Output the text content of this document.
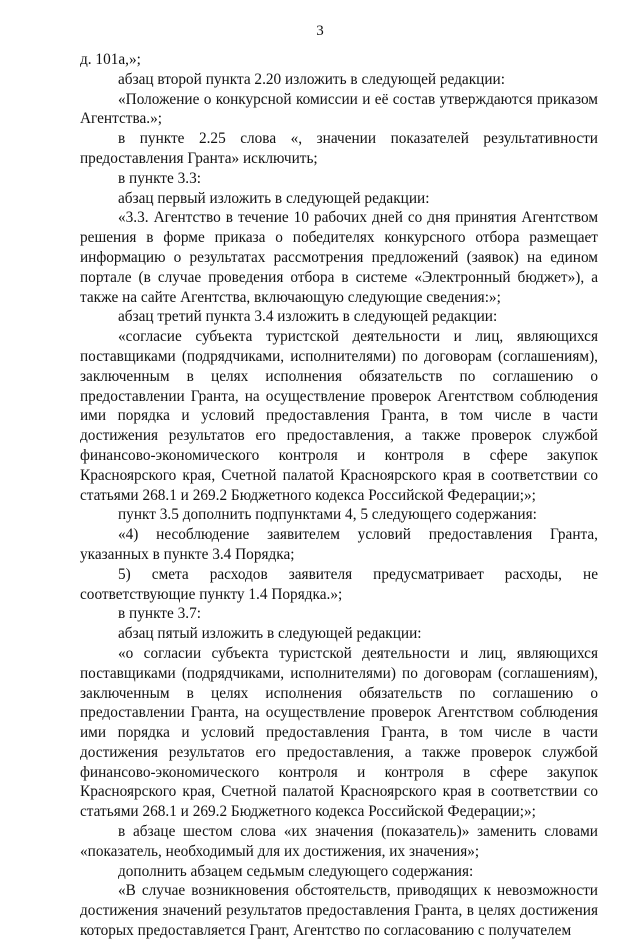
3

д. 101а,»;

абзац второй пункта 2.20 изложить в следующей редакции:

«Положение о конкурсной комиссии и её состав утверждаются приказом Агентства.»;

в пункте 2.25 слова «, значении показателей результативности предоставления Гранта» исключить;

в пункте 3.3:

абзац первый изложить в следующей редакции:

«3.3. Агентство в течение 10 рабочих дней со дня принятия Агентством решения в форме приказа о победителях конкурсного отбора размещает информацию о результатах рассмотрения предложений (заявок) на едином портале (в случае проведения отбора в системе «Электронный бюджет»), а также на сайте Агентства, включающую следующие сведения:»;

абзац третий пункта 3.4 изложить в следующей редакции:

«согласие субъекта туристской деятельности и лиц, являющихся поставщиками (подрядчиками, исполнителями) по договорам (соглашениям), заключенным в целях исполнения обязательств по соглашению о предоставлении Гранта, на осуществление проверок Агентством соблюдения ими порядка и условий предоставления Гранта, в том числе в части достижения результатов его предоставления, а также проверок службой финансово-экономического контроля и контроля в сфере закупок Красноярского края, Счетной палатой Красноярского края в соответствии со статьями 268.1 и 269.2 Бюджетного кодекса Российской Федерации;»;

пункт 3.5 дополнить подпунктами 4, 5 следующего содержания:

«4) несоблюдение заявителем условий предоставления Гранта, указанных в пункте 3.4 Порядка;

5) смета расходов заявителя предусматривает расходы, не соответствующие пункту 1.4 Порядка.»;

в пункте 3.7:

абзац пятый изложить в следующей редакции:

«о согласии субъекта туристской деятельности и лиц, являющихся поставщиками (подрядчиками, исполнителями) по договорам (соглашениям), заключенным в целях исполнения обязательств по соглашению о предоставлении Гранта, на осуществление проверок Агентством соблюдения ими порядка и условий предоставления Гранта, в том числе в части достижения результатов его предоставления, а также проверок службой финансово-экономического контроля и контроля в сфере закупок Красноярского края, Счетной палатой Красноярского края в соответствии со статьями 268.1 и 269.2 Бюджетного кодекса Российской Федерации;»;

в абзаце шестом слова «их значения (показатель)» заменить словами «показатель, необходимый для их достижения, их значения»;

дополнить абзацем седьмым следующего содержания:

«В случае возникновения обстоятельств, приводящих к невозможности достижения значений результатов предоставления Гранта, в целях достижения которых предоставляется Грант, Агентство по согласованию с получателем
